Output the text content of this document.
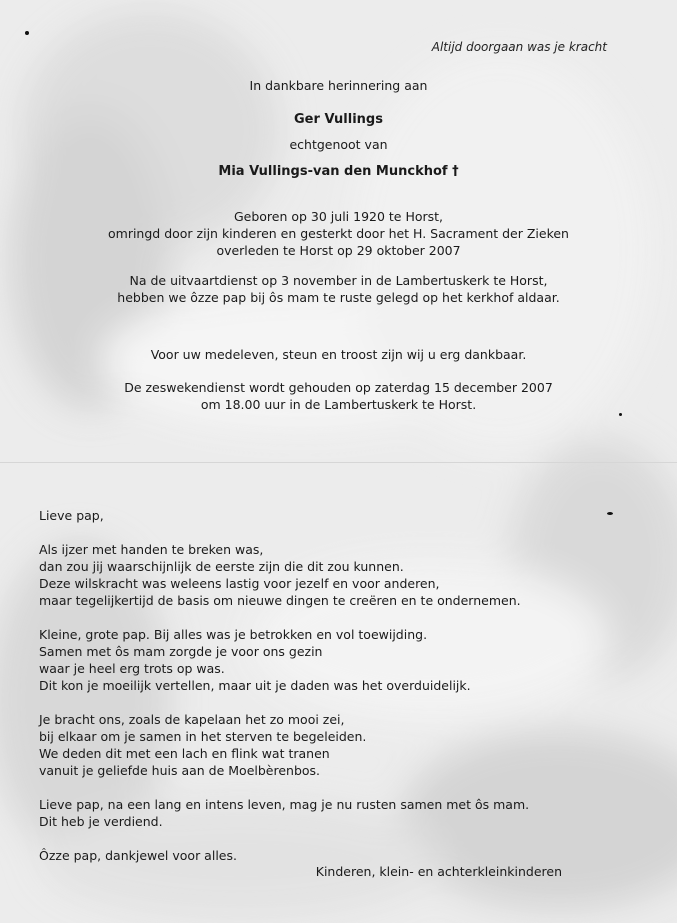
Altijd doorgaan was je kracht
In dankbare herinnering aan
Ger Vullings
echtgenoot van
Mia Vullings-van den Munckhof †
Geboren op 30 juli 1920 te Horst,
omringd door zijn kinderen en gesterkt door het H. Sacrament der Zieken
overleden te Horst op 29 oktober 2007
Na de uitvaartdienst op 3 november in de Lambertuskerk te Horst,
hebben we ôzze pap bij ôs mam te ruste gelegd op het kerkhof aldaar.
Voor uw medeleven, steun en troost zijn wij u erg dankbaar.
De zeswekendienst wordt gehouden op zaterdag 15 december 2007
om 18.00 uur in de Lambertuskerk te Horst.

Lieve pap,

Als ijzer met handen te breken was,
dan zou jij waarschijnlijk de eerste zijn die dit zou kunnen.
Deze wilskracht was weleens lastig voor jezelf en voor anderen,
maar tegelijkertijd de basis om nieuwe dingen te creëren en te ondernemen.

Kleine, grote pap. Bij alles was je betrokken en vol toewijding.
Samen met ôs mam zorgde je voor ons gezin
waar je heel erg trots op was.
Dit kon je moeilijk vertellen, maar uit je daden was het overduidelijk.

Je bracht ons, zoals de kapelaan het zo mooi zei,
bij elkaar om je samen in het sterven te begeleiden.
We deden dit met een lach en flink wat tranen
vanuit je geliefde huis aan de Moelbèrenbos.

Lieve pap, na een lang en intens leven, mag je nu rusten samen met ôs mam.
Dit heb je verdiend.

Ôzze pap, dankjewel voor alles.

Kinderen, klein- en achterkleinkinderen
